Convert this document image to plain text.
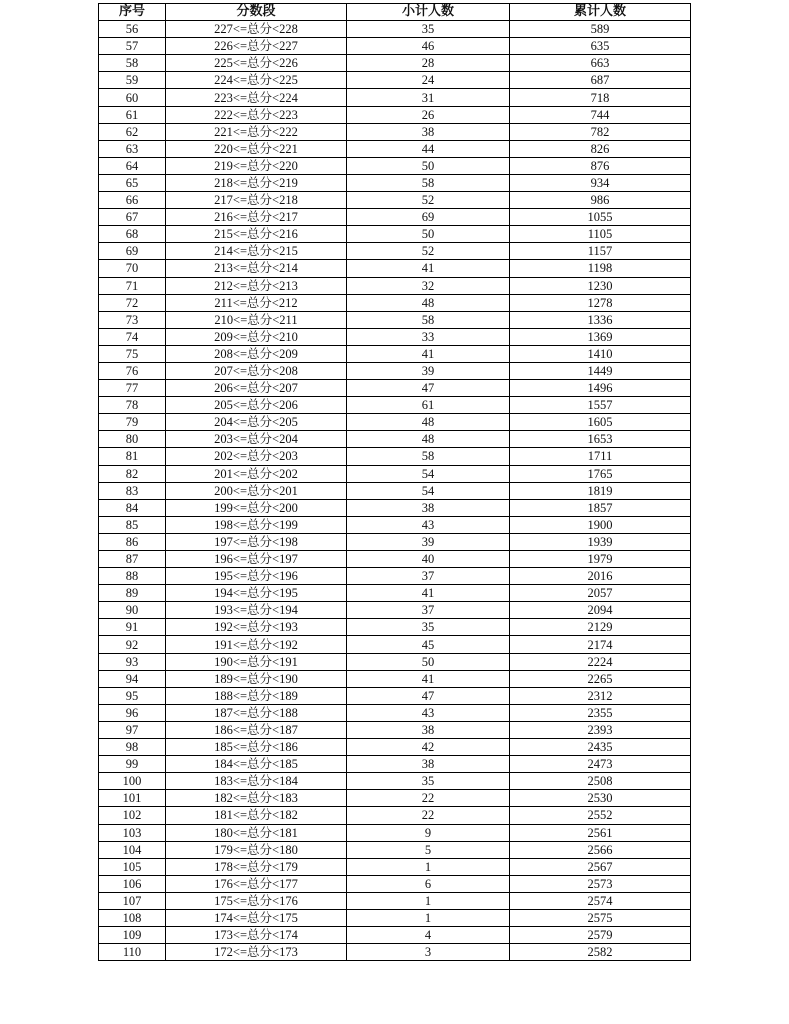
序号	分数段	小计人数	累计人数
56	227<=总分<228	35	589
57	226<=总分<227	46	635
58	225<=总分<226	28	663
59	224<=总分<225	24	687
60	223<=总分<224	31	718
61	222<=总分<223	26	744
62	221<=总分<222	38	782
63	220<=总分<221	44	826
64	219<=总分<220	50	876
65	218<=总分<219	58	934
66	217<=总分<218	52	986
67	216<=总分<217	69	1055
68	215<=总分<216	50	1105
69	214<=总分<215	52	1157
70	213<=总分<214	41	1198
71	212<=总分<213	32	1230
72	211<=总分<212	48	1278
73	210<=总分<211	58	1336
74	209<=总分<210	33	1369
75	208<=总分<209	41	1410
76	207<=总分<208	39	1449
77	206<=总分<207	47	1496
78	205<=总分<206	61	1557
79	204<=总分<205	48	1605
80	203<=总分<204	48	1653
81	202<=总分<203	58	1711
82	201<=总分<202	54	1765
83	200<=总分<201	54	1819
84	199<=总分<200	38	1857
85	198<=总分<199	43	1900
86	197<=总分<198	39	1939
87	196<=总分<197	40	1979
88	195<=总分<196	37	2016
89	194<=总分<195	41	2057
90	193<=总分<194	37	2094
91	192<=总分<193	35	2129
92	191<=总分<192	45	2174
93	190<=总分<191	50	2224
94	189<=总分<190	41	2265
95	188<=总分<189	47	2312
96	187<=总分<188	43	2355
97	186<=总分<187	38	2393
98	185<=总分<186	42	2435
99	184<=总分<185	38	2473
100	183<=总分<184	35	2508
101	182<=总分<183	22	2530
102	181<=总分<182	22	2552
103	180<=总分<181	9	2561
104	179<=总分<180	5	2566
105	178<=总分<179	1	2567
106	176<=总分<177	6	2573
107	175<=总分<176	1	2574
108	174<=总分<175	1	2575
109	173<=总分<174	4	2579
110	172<=总分<173	3	2582
